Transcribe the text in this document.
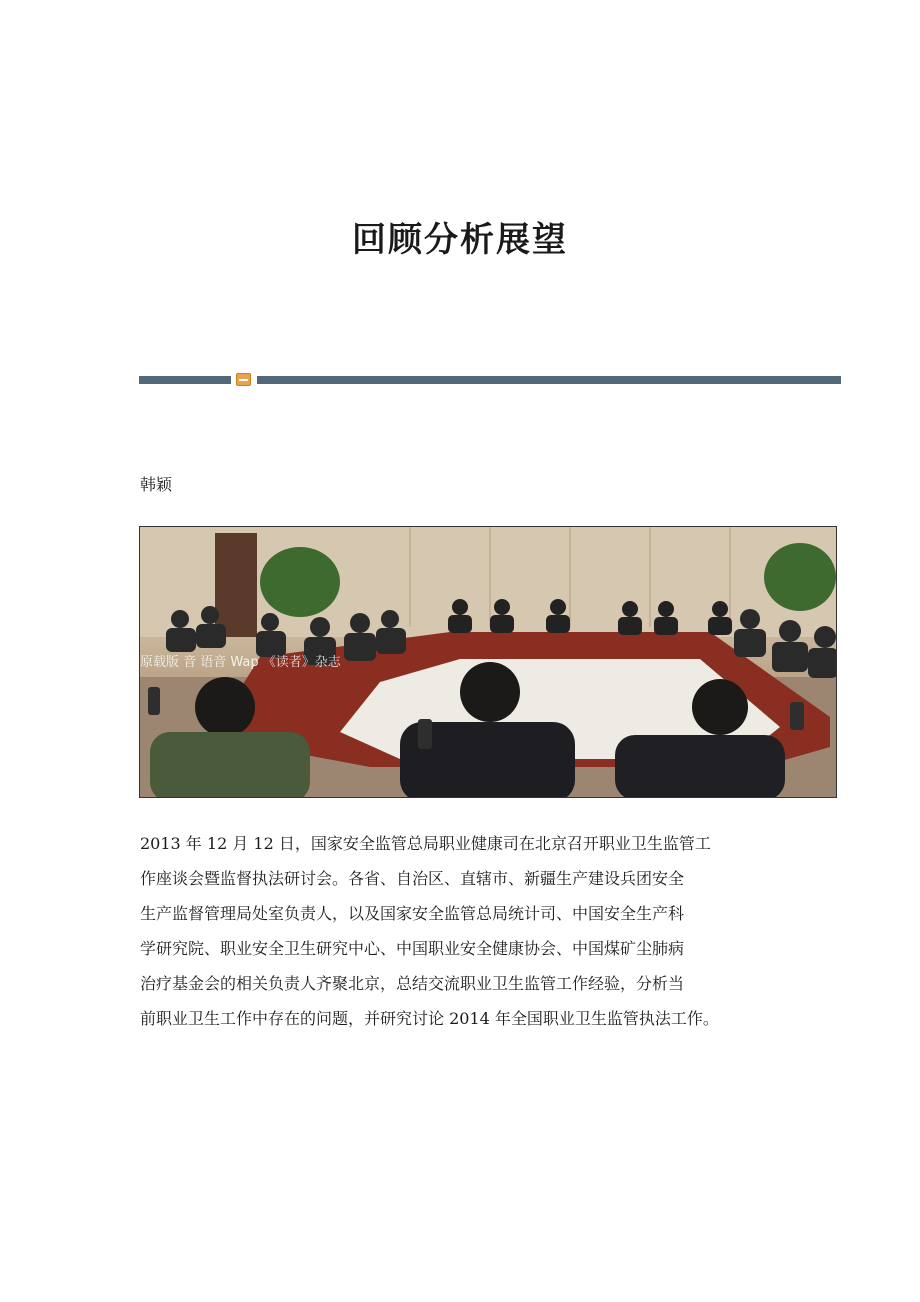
回顾分析展望

韩颖

原载版 音 语音 Wap 《读者》杂志

2013 年 12 月 12 日，国家安全监管总局职业健康司在北京召开职业卫生监管工
作座谈会暨监督执法研讨会。各省、自治区、直辖市、新疆生产建设兵团安全
生产监督管理局处室负责人，以及国家安全监管总局统计司、中国安全生产科
学研究院、职业安全卫生研究中心、中国职业安全健康协会、中国煤矿尘肺病
治疗基金会的相关负责人齐聚北京，总结交流职业卫生监管工作经验，分析当
前职业卫生工作中存在的问题，并研究讨论 2014 年全国职业卫生监管执法工作。
